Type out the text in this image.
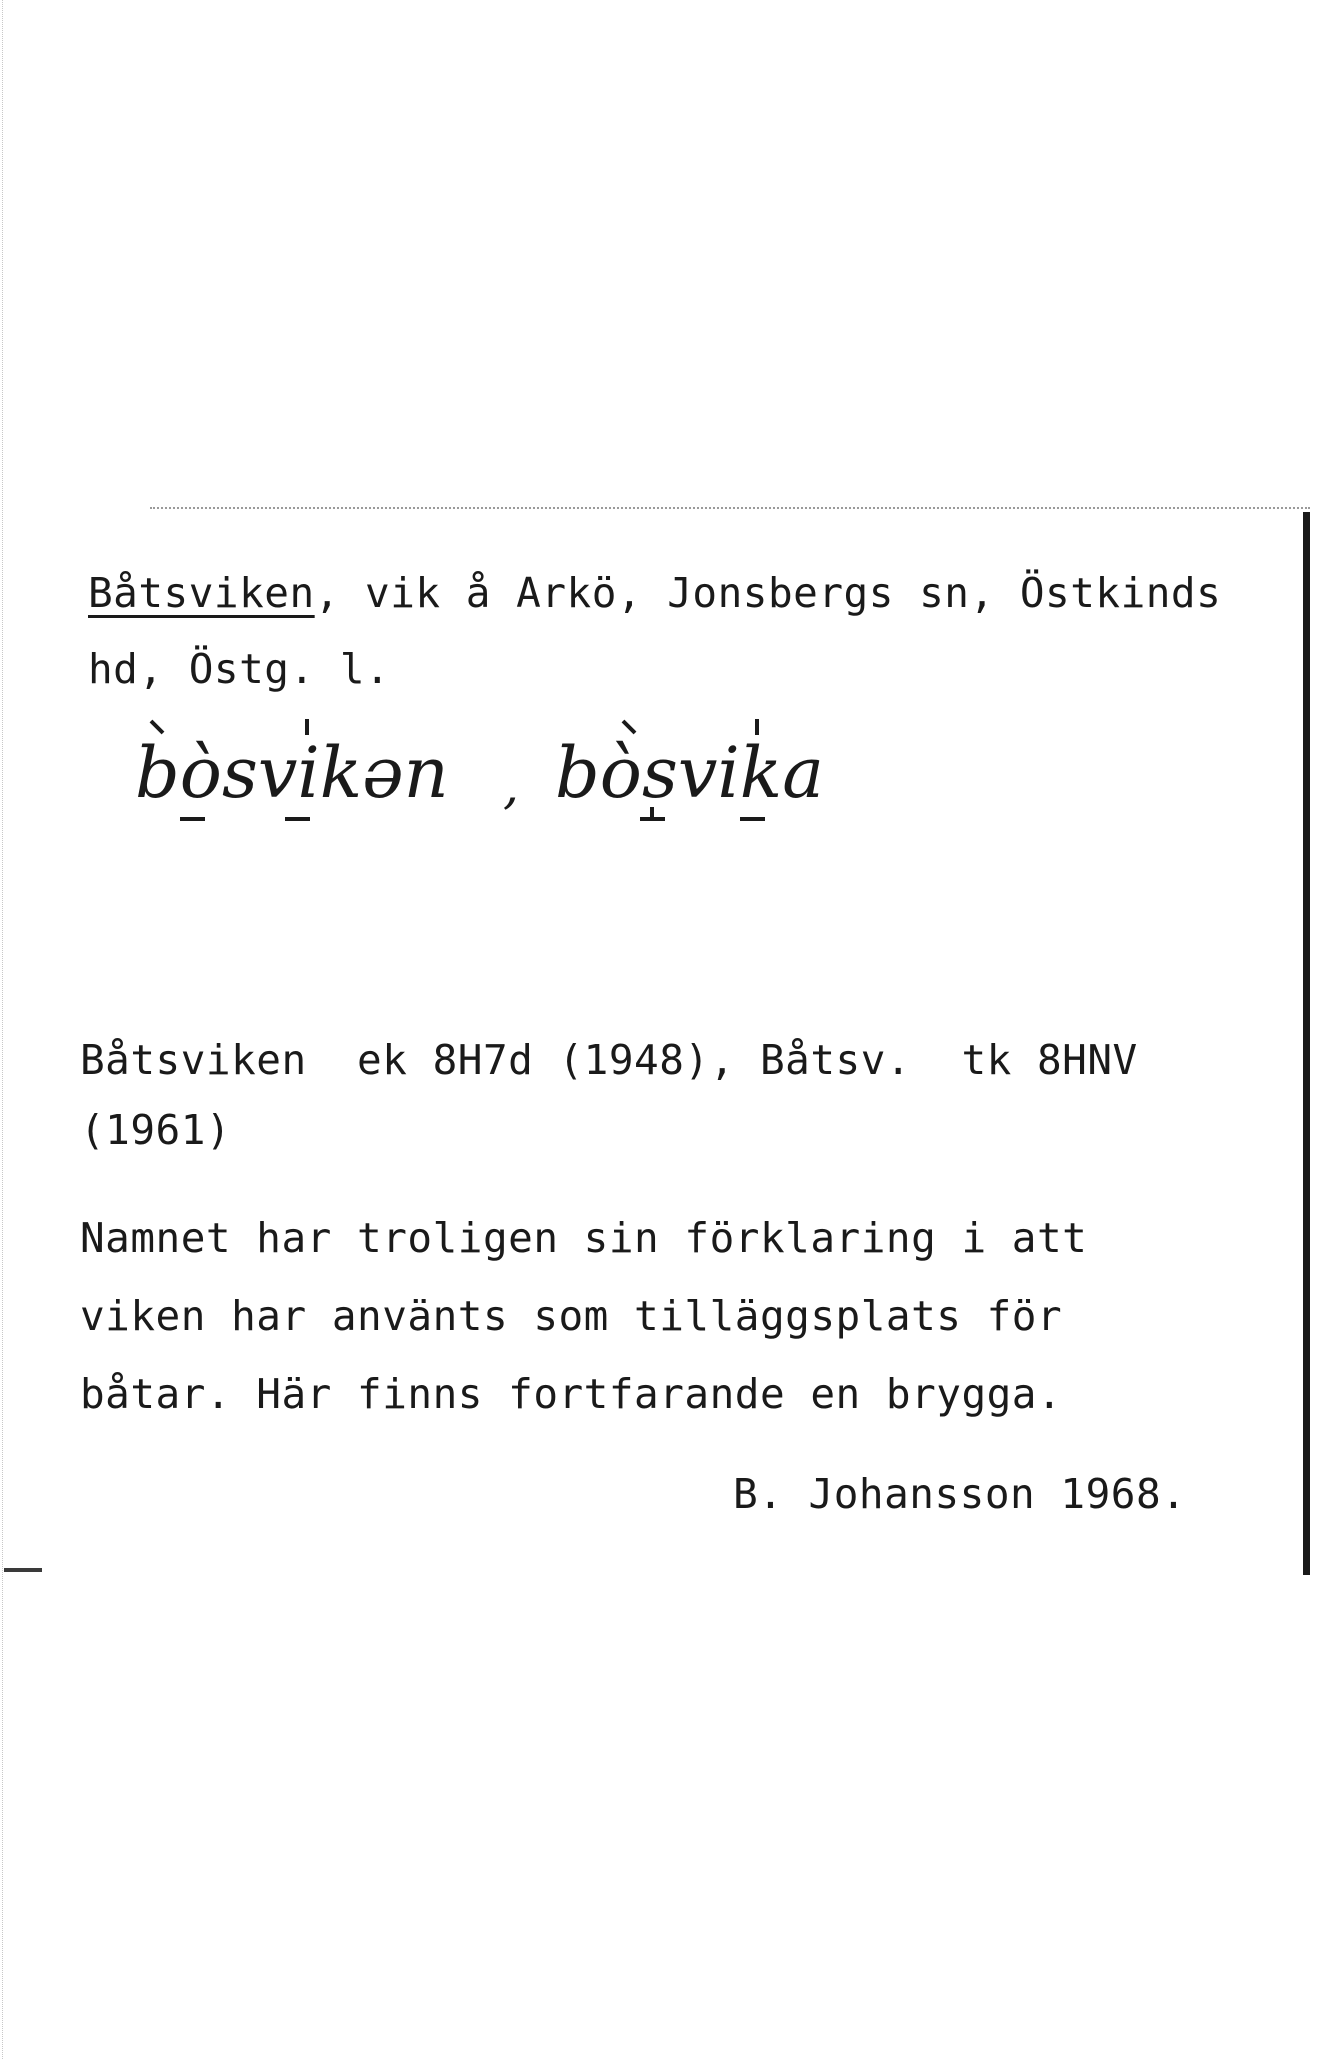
Båtsviken, vik å Arkö, Jonsbergs sn, Östkinds
hd, Östg. l.
bòsvikən , bòsvika
Båtsviken  ek 8H7d (1948), Båtsv.  tk 8HNV
(1961)
Namnet har troligen sin förklaring i att
viken har använts som tilläggsplats för
båtar. Här finns fortfarande en brygga.
B. Johansson 1968.
